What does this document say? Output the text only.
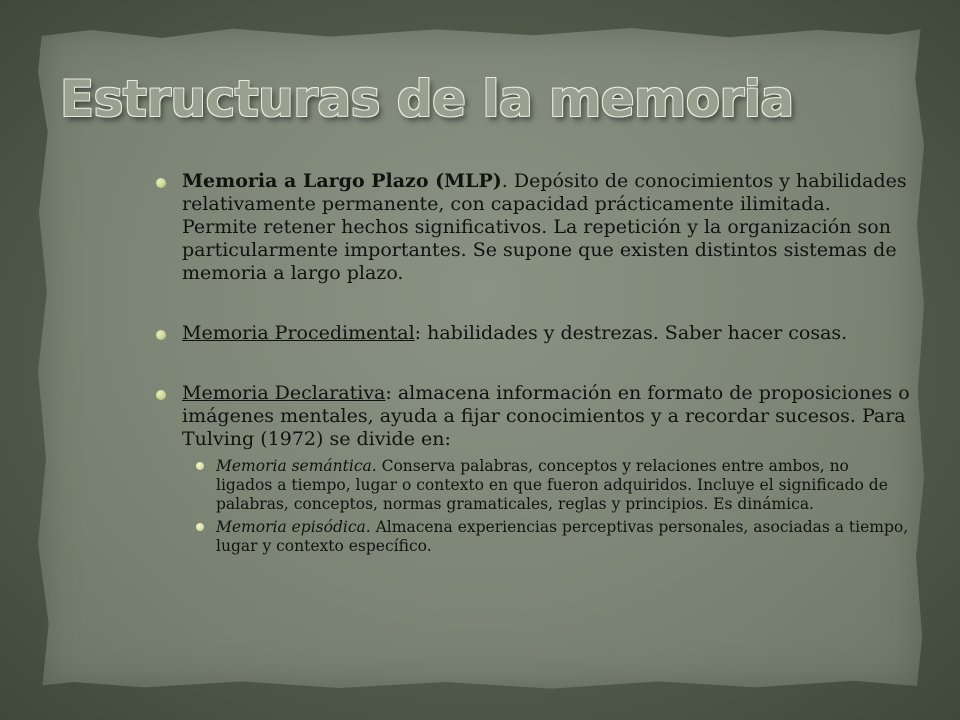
Estructuras de la memoria
Memoria a Largo Plazo (MLP). Depósito de conocimientos y habilidades relativamente permanente, con capacidad prácticamente ilimitada. Permite retener hechos significativos. La repetición y la organización son particularmente importantes. Se supone que existen distintos sistemas de memoria a largo plazo.
Memoria Procedimental: habilidades y destrezas. Saber hacer cosas.
Memoria Declarativa: almacena información en formato de proposiciones o imágenes mentales, ayuda a fijar conocimientos y a recordar sucesos. Para Tulving (1972) se divide en:
Memoria semántica. Conserva palabras, conceptos y relaciones entre ambos, no ligados a tiempo, lugar o contexto en que fueron adquiridos. Incluye el significado de palabras, conceptos, normas gramaticales, reglas y principios. Es dinámica.
Memoria episódica. Almacena experiencias perceptivas personales, asociadas a tiempo, lugar y contexto específico.
